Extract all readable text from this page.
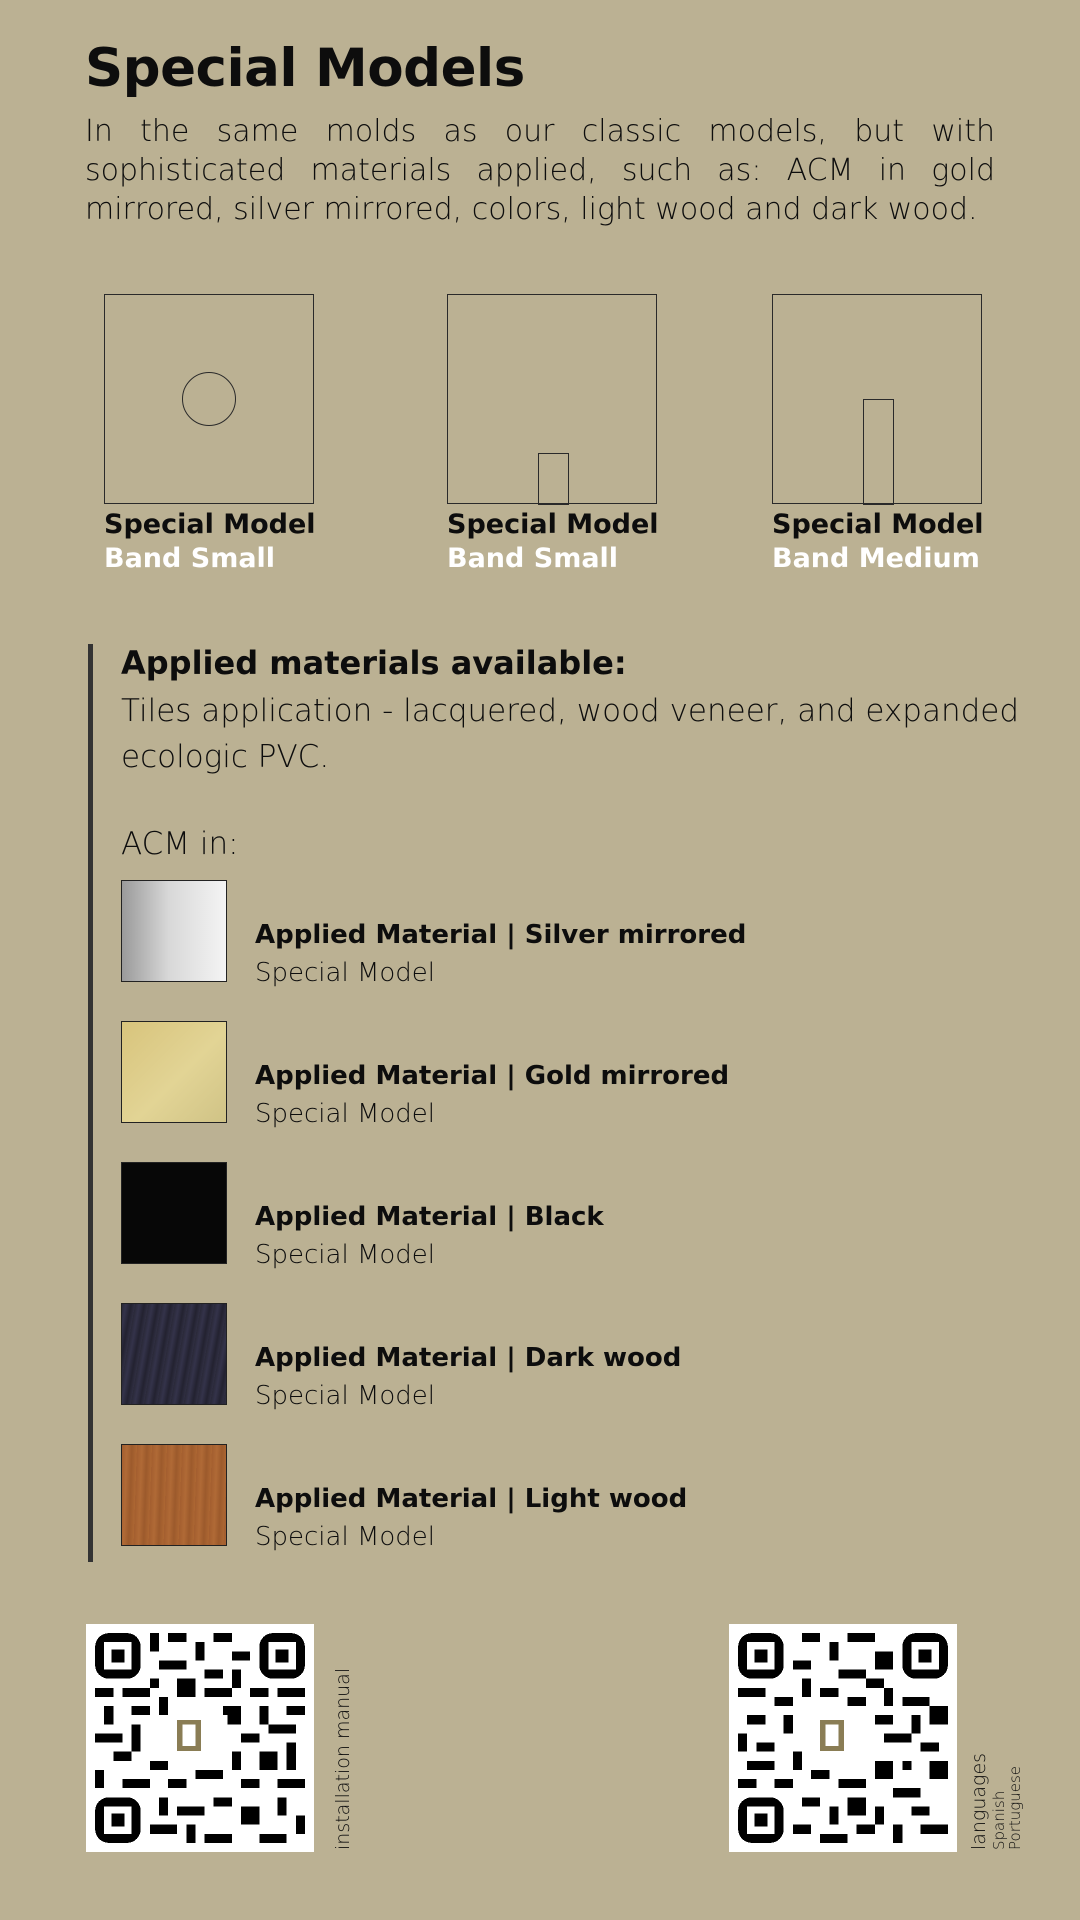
Special Models
In the same molds as our classic models, but with sophisticated materials applied, such as: ACM in gold mirrored, silver mirrored, colors, light wood and dark wood.
Special Model
Band Small
Special Model
Band Small
Special Model
Band Medium
Applied materials available:
Tiles application - lacquered, wood veneer, and expanded ecologic PVC.
ACM in:
Applied Material | Silver mirrored
Special Model
Applied Material | Gold mirrored
Special Model
Applied Material | Black
Special Model
Applied Material | Dark wood
Special Model
Applied Material | Light wood
Special Model
installation manual	languages Spanish
Portuguese
